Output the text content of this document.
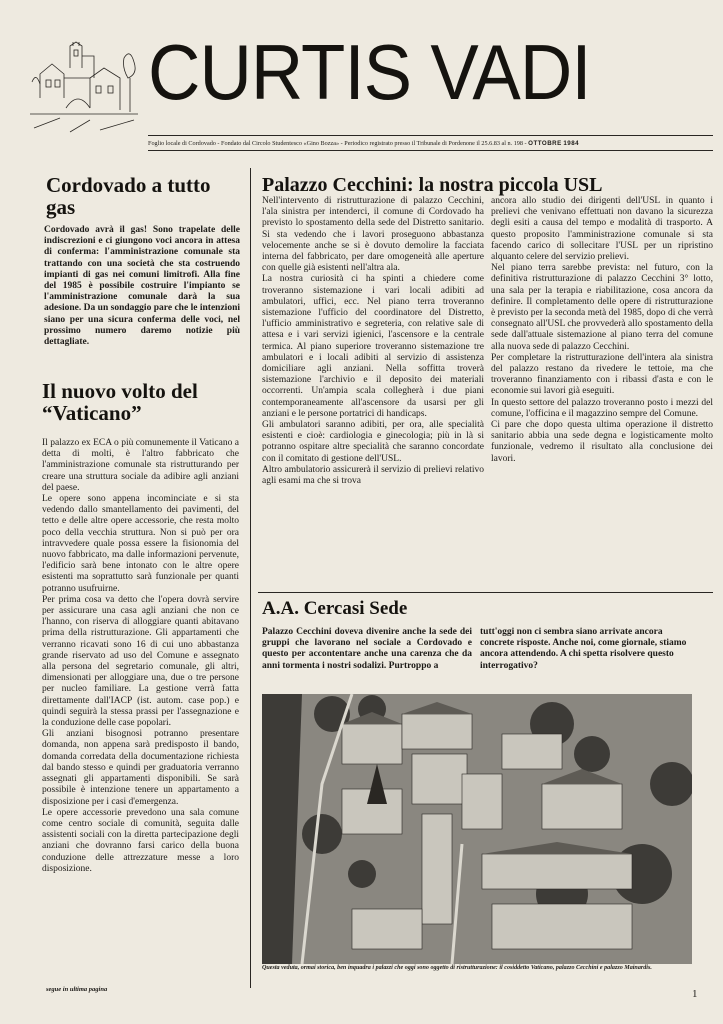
CURTIS VADI
Foglio locale di Cordovado - Fondato dal Circolo Studentesco «Gino Bozza» - Periodico registrato presso il Tribunale di Pordenone il 25.6.83 al n. 198 - OTTOBRE 1984
Cordovado a tutto gas
Cordovado avrà il gas! Sono trapelate delle indiscrezioni e ci giungono voci ancora in attesa di conferma: l'amministrazione comunale sta trattando con una società che sta costruendo impianti di gas nei comuni limitrofi. Alla fine del 1985 è possibile costruire l'impianto se l'amministrazione comunale darà la sua adesione. Da un sondaggio pare che le intenzioni siano per una sicura conferma delle voci, nel prossimo numero daremo notizie più dettagliate.
Il nuovo volto del “Vaticano”

Il palazzo ex ECA o più comunemente il Vaticano a detta di molti, è l'altro fabbricato che l'amministrazione comunale sta ristrutturando per creare una struttura sociale da adibire agli anziani del paese.

Le opere sono appena incominciate e si sta vedendo dallo smantellamento dei pavimenti, del tetto e delle altre opere accessorie, che resta molto poco della vecchia struttura. Non si può per ora intravvedere quale possa essere la fisionomia del nuovo fabbricato, ma dalle informazioni pervenute, l'edificio sarà bene intonato con le altre opere esistenti ma soprattutto sarà funzionale per quanti potranno usufruirne.

Per prima cosa va detto che l'opera dovrà servire per assicurare una casa agli anziani che non ce l'hanno, con riserva di alloggiare quanti abitavano prima della ristrutturazione. Gli appartamenti che verranno ricavati sono 16 di cui uno abbastanza grande riservato ad uso del Comune e assegnato alla persona del segretario comunale, gli altri, dimensionati per alloggiare una, due o tre persone per nucleo familiare. La gestione verrà fatta direttamente dall'IACP (ist. autom. case pop.) e quindi seguirà la stessa prassi per l'assegnazione e la conduzione delle case popolari.

Gli anziani bisognosi potranno presentare domanda, non appena sarà predisposto il bando, domanda corredata della documentazione richiesta dal bando stesso e quindi per graduatoria verranno assegnati gli appartamenti disponibili. Se sarà possibile è intenzione tenere un appartamento a disposizione per i casi d'emergenza.

Le opere accessorie prevedono una sala comune come centro sociale di comunità, seguita dalle assistenti sociali con la diretta partecipazione degli anziani che dovranno farsi carico della buona conduzione delle attrezzature messe a loro disposizione.

segue in ultima pagina
Palazzo Cecchini: la nostra piccola USL

Nell'intervento di ristrutturazione di palazzo Cecchini, l'ala sinistra per intenderci, il comune di Cordovado ha previsto lo spostamento della sede del Distretto sanitario. Si sta vedendo che i lavori proseguono abbastanza velocemente anche se si è dovuto demolire la facciata interna del fabbricato, per dare omogeneità alle aperture con quelle già esistenti nell'altra ala.

La nostra curiosità ci ha spinti a chiedere come troveranno sistemazione i vari locali adibiti ad ambulatori, uffici, ecc. Nel piano terra troveranno sistemazione l'ufficio del coordinatore del Distretto, l'ufficio amministrativo e segreteria, con relative sale di attesa e i vari servizi igienici, l'ascensore e la centrale termica. Al piano superiore troveranno sistemazione tre ambulatori e i locali adibiti al servizio di assistenza domiciliare agli anziani. Nella soffitta troverà sistemazione l'archivio e il deposito dei materiali occorrenti. Un'ampia scala collegherà i due piani contemporaneamente all'ascensore da usarsi per gli anziani e le persone portatrici di handicaps.

Gli ambulatori saranno adibiti, per ora, alle specialità esistenti e cioè: cardiologia e ginecologia; più in là si potranno ospitare altre specialità che saranno concordate con il comitato di gestione dell'USL.

Altro ambulatorio assicurerà il servizio di prelievi relativo agli esami ma che si trova

ancora allo studio dei dirigenti dell'USL in quanto i prelievi che venivano effettuati non davano la sicurezza degli esiti a causa del tempo e modalità di trasporto. A questo proposito l'amministrazione comunale si sta facendo carico di sollecitare l'USL per un ripristino alquanto celere del servizio prelievi.

Nel piano terra sarebbe prevista: nel futuro, con la definitiva ristrutturazione di palazzo Cecchini 3° lotto, una sala per la terapia e riabilitazione, cosa ancora da definire. Il completamento delle opere di ristrutturazione è previsto per la seconda metà del 1985, dopo di che verrà consegnato all'USL che provvederà allo spostamento della sede dall'attuale sistemazione al piano terra del comune alla nuova sede di palazzo Cecchini.

Per completare la ristrutturazione dell'intera ala sinistra del palazzo restano da rivedere le tettoie, ma che troveranno finanziamento con i ribassi d'asta e con le economie sui lavori già eseguiti.

In questo settore del palazzo troveranno posto i mezzi del comune, l'officina e il magazzino sempre del Comune.

Ci pare che dopo questa ultima operazione il distretto sanitario abbia una sede degna e logisticamente molto funzionale, vedremo il risultato alla conclusione dei lavori.

A.A. Cercasi Sede
Palazzo Cecchini doveva divenire anche la sede dei gruppi che lavorano nel sociale a Cordovado e questo per accontentare anche una carenza che da anni tormenta i nostri sodalizi. Purtroppo a
tutt'oggi non ci sembra siano arrivate ancora concrete risposte. Anche noi, come giornale, stiamo ancora attendendo. A chi spetta risolvere questo interrogativo?
Questa veduta, ormai storica, ben inquadra i palazzi che oggi sono oggetto di ristrutturazione: il cosiddetto Vaticano, palazzo Cecchini e palazzo Mainardis.
1
